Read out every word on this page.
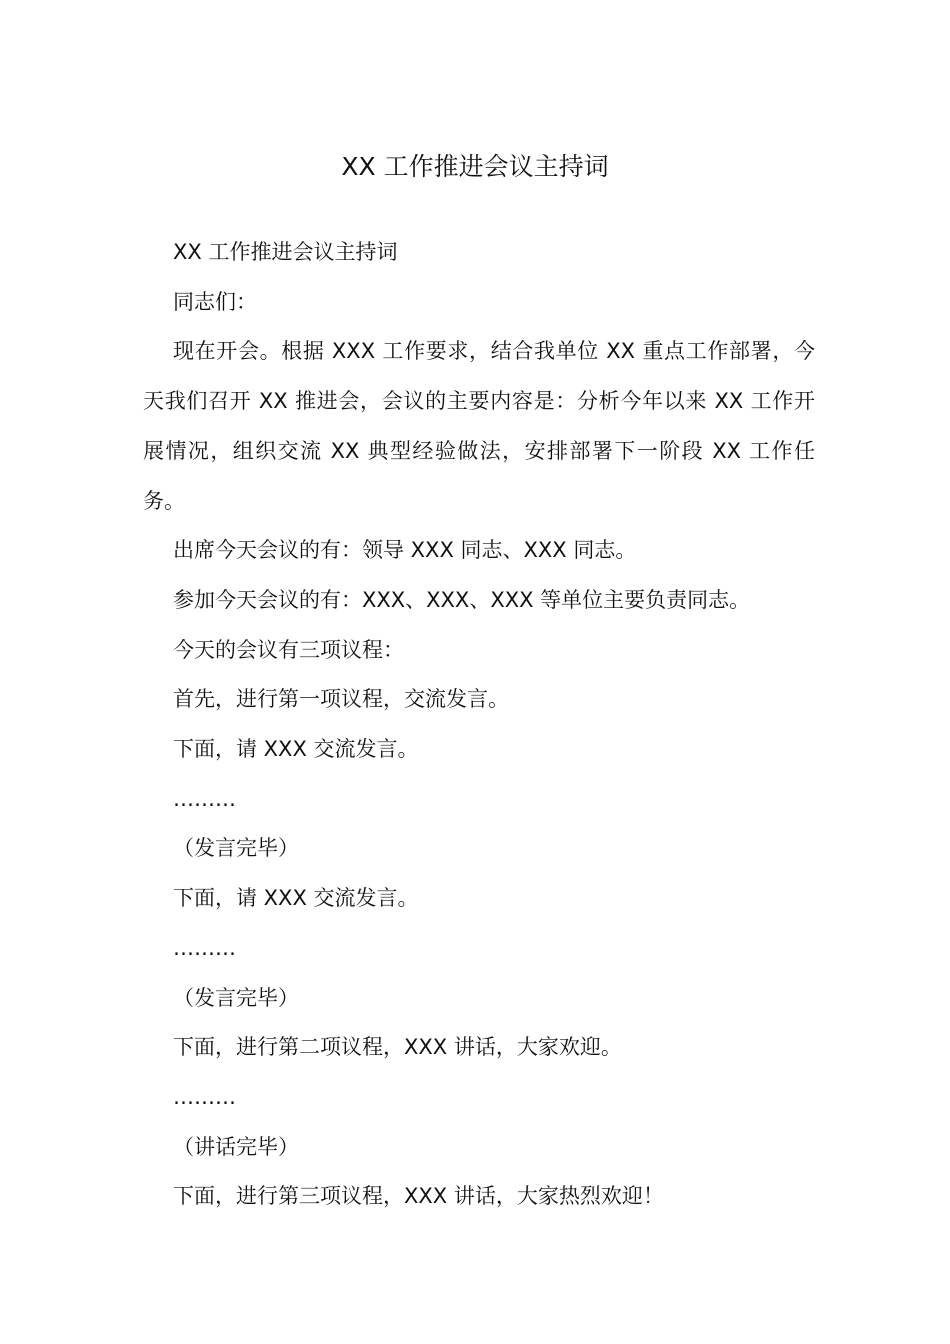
XX 工作推进会议主持词

XX 工作推进会议主持词

同志们：

现在开会。根据 XXX 工作要求，结合我单位 XX 重点工作部署，今天我们召开 XX 推进会，会议的主要内容是：分析今年以来 XX 工作开展情况，组织交流 XX 典型经验做法，安排部署下一阶段 XX 工作任务。

出席今天会议的有：领导 XXX 同志、XXX 同志。

参加今天会议的有：XXX、XXX、XXX 等单位主要负责同志。

今天的会议有三项议程：

首先，进行第一项议程，交流发言。

下面，请 XXX 交流发言。

………

（发言完毕）

下面，请 XXX 交流发言。

………

（发言完毕）

下面，进行第二项议程，XXX 讲话，大家欢迎。

………

（讲话完毕）

下面，进行第三项议程，XXX 讲话，大家热烈欢迎！
